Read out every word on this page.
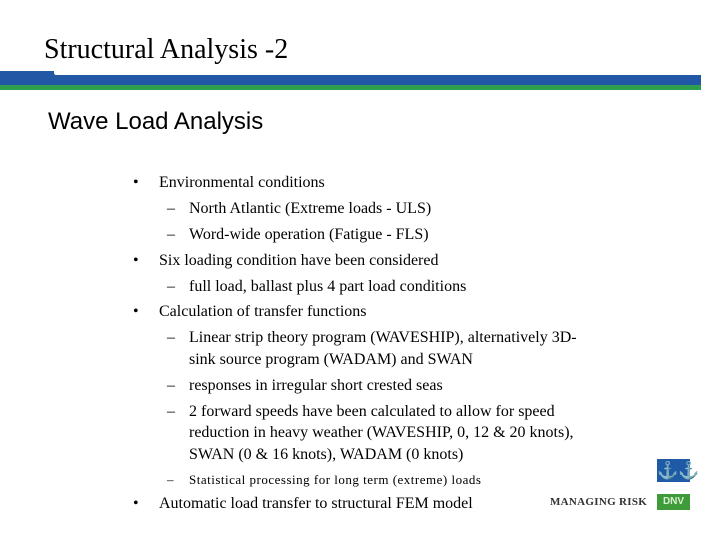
Structural Analysis -2
Wave Load Analysis
• Environmental conditions
– North Atlantic (Extreme loads - ULS)
– Word-wide operation (Fatigue - FLS)
• Six loading condition have been considered
– full load, ballast plus 4 part load conditions
• Calculation of transfer functions
– Linear strip theory program (WAVESHIP), alternatively 3D-
sink source program (WADAM) and SWAN
– responses in irregular short crested seas
– 2 forward speeds have been calculated to allow for speed
reduction in heavy weather (WAVESHIP, 0, 12 & 20 knots),
SWAN (0 & 16 knots), WADAM (0 knots)
– Statistical processing for long term (extreme) loads
• Automatic load transfer to structural FEM model	MANAGING RISK
⚓⚓
DNV
